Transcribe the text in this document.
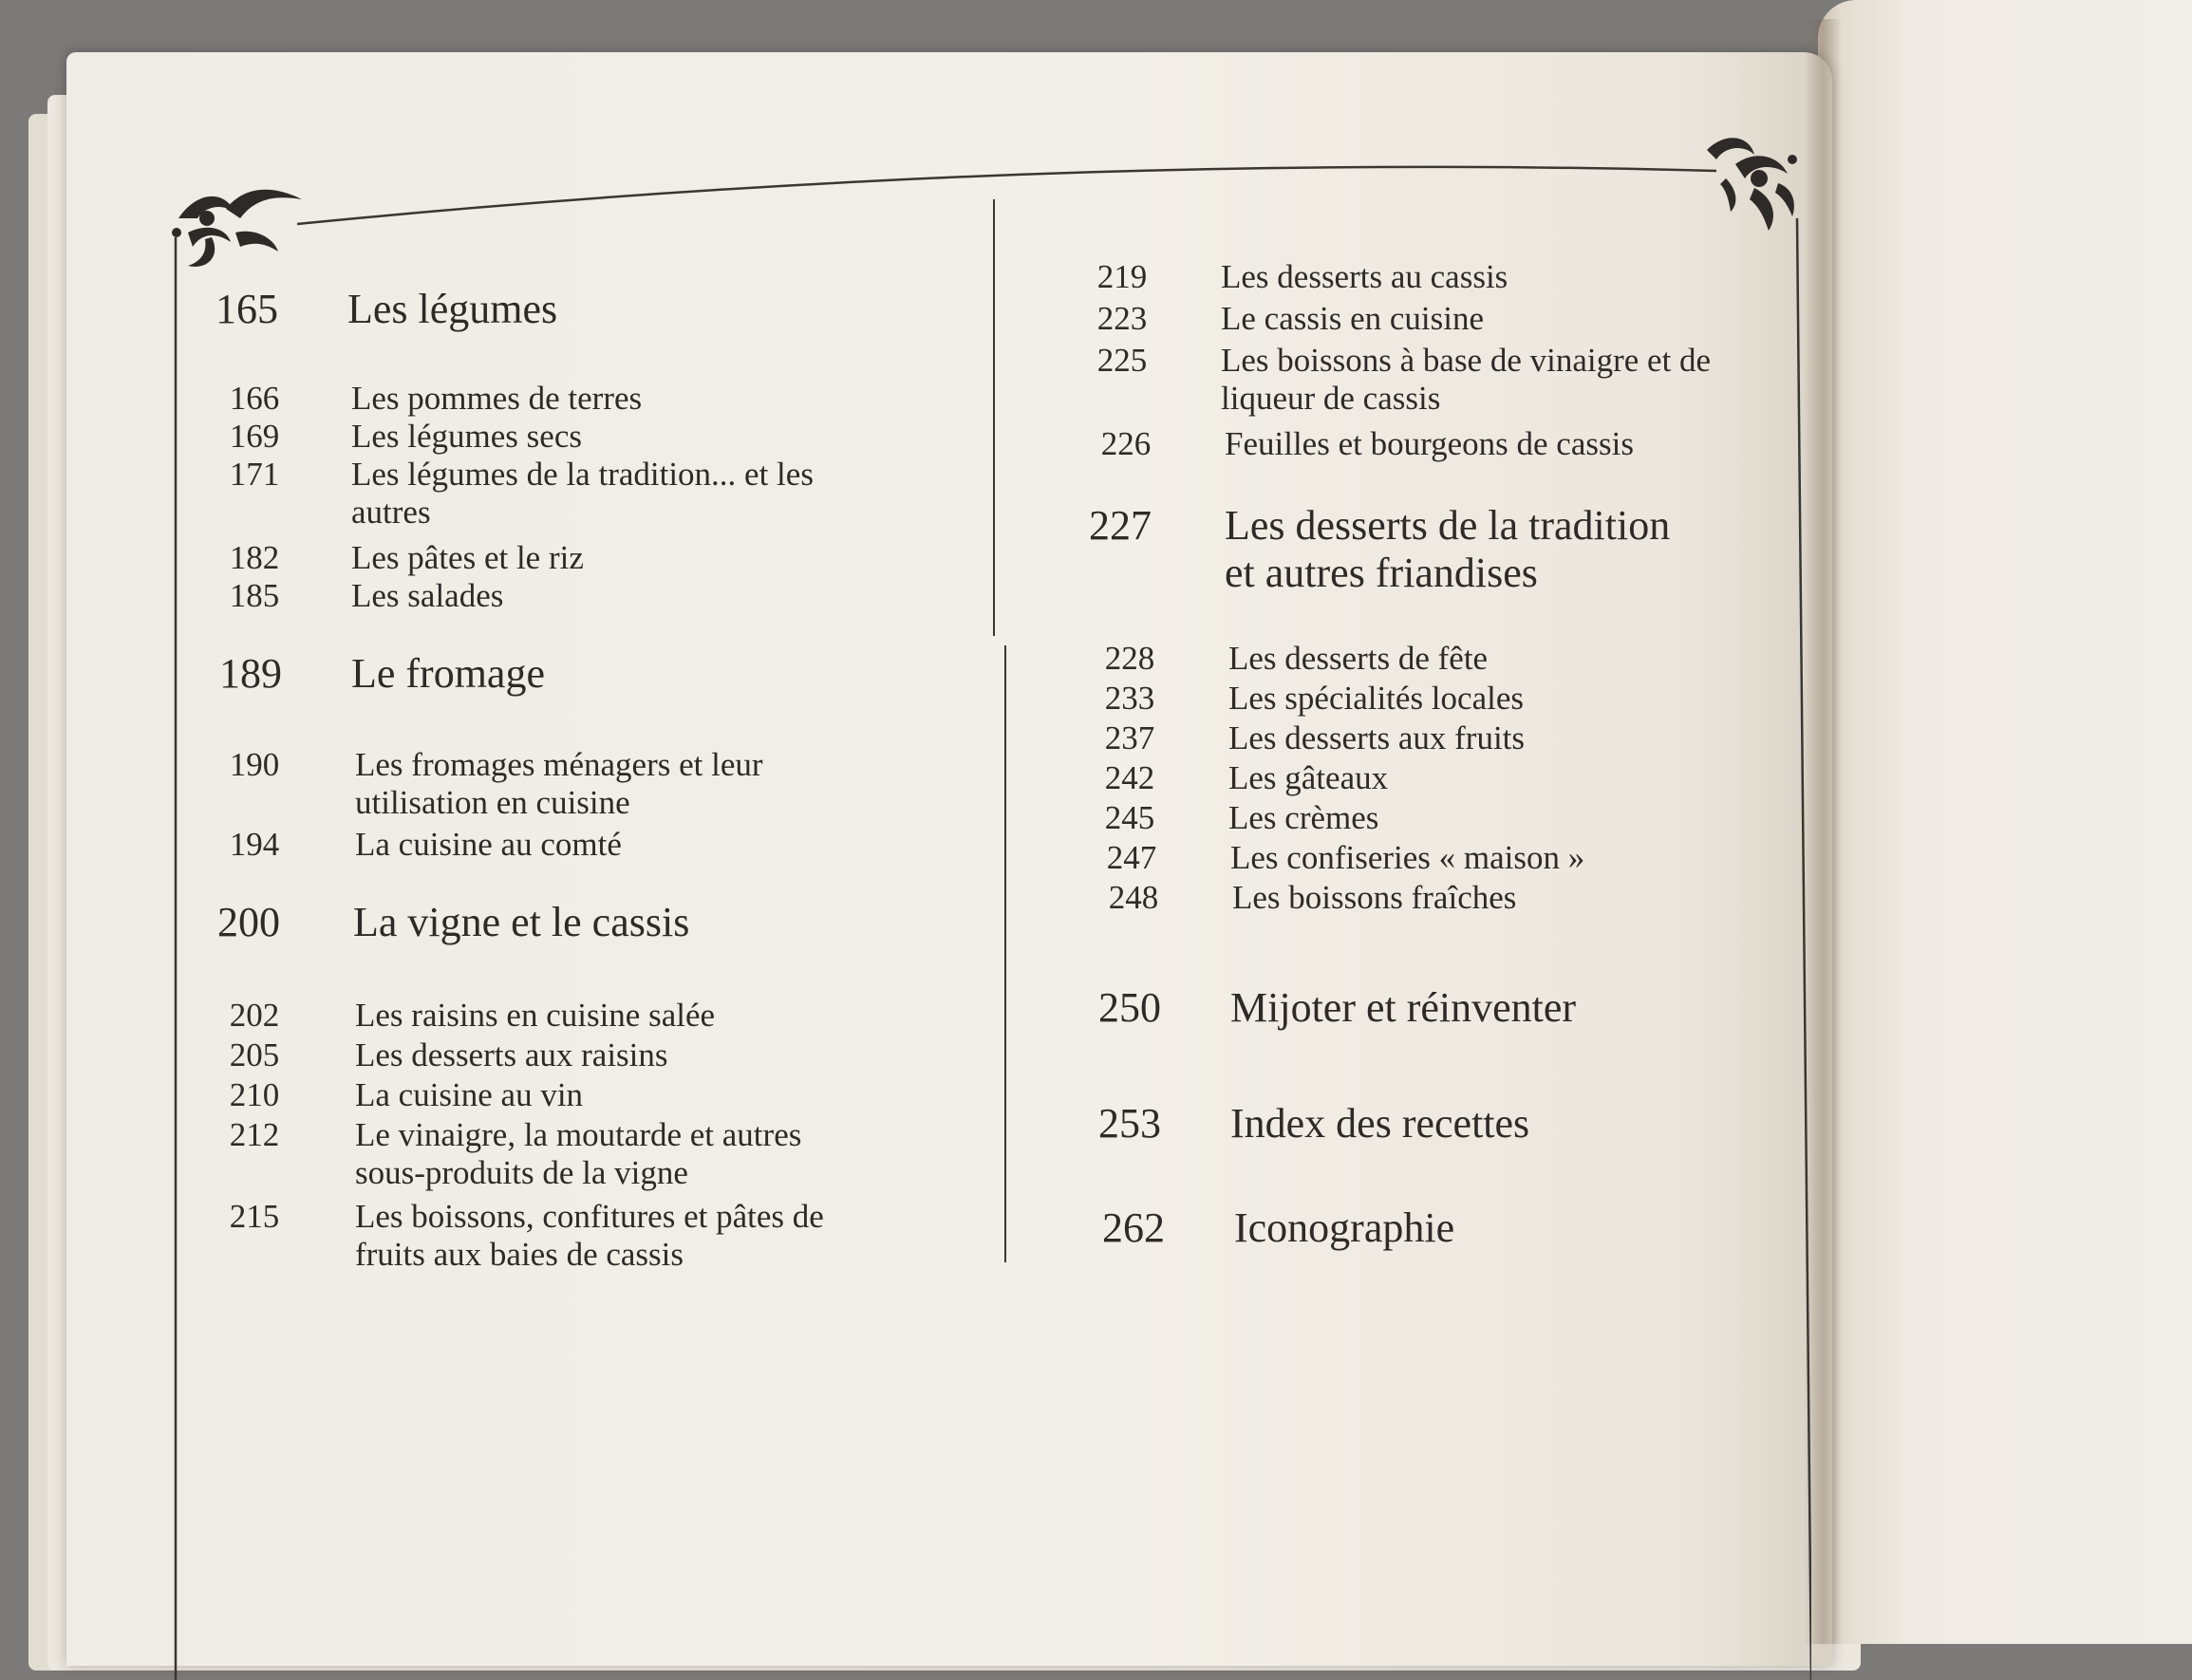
165 Les légumes
166	Les pommes de terres
169	Les légumes secs
171	Les légumes de la tradition... et les
autres
182	Les pâtes et le riz
185	Les salades
189 Le fromage
190	Les fromages ménagers et leur
utilisation en cuisine
194	La cuisine au comté
200 La vigne et le cassis
202	Les raisins en cuisine salée
205	Les desserts aux raisins
210	La cuisine au vin
212	Le vinaigre, la moutarde et autres
sous-produits de la vigne
215	Les boissons, confitures et pâtes de
fruits aux baies de cassis
219	Les desserts au cassis
223	Le cassis en cuisine
225	Les boissons à base de vinaigre et de
liqueur de cassis
226	Feuilles et bourgeons de cassis
227 Les desserts de la tradition
et autres friandises
228	Les desserts de fête
233	Les spécialités locales
237	Les desserts aux fruits
242	Les gâteaux
245	Les crèmes
247	Les confiseries « maison »
248	Les boissons fraîches
250 Mijoter et réinventer
253 Index des recettes
262 Iconographie
